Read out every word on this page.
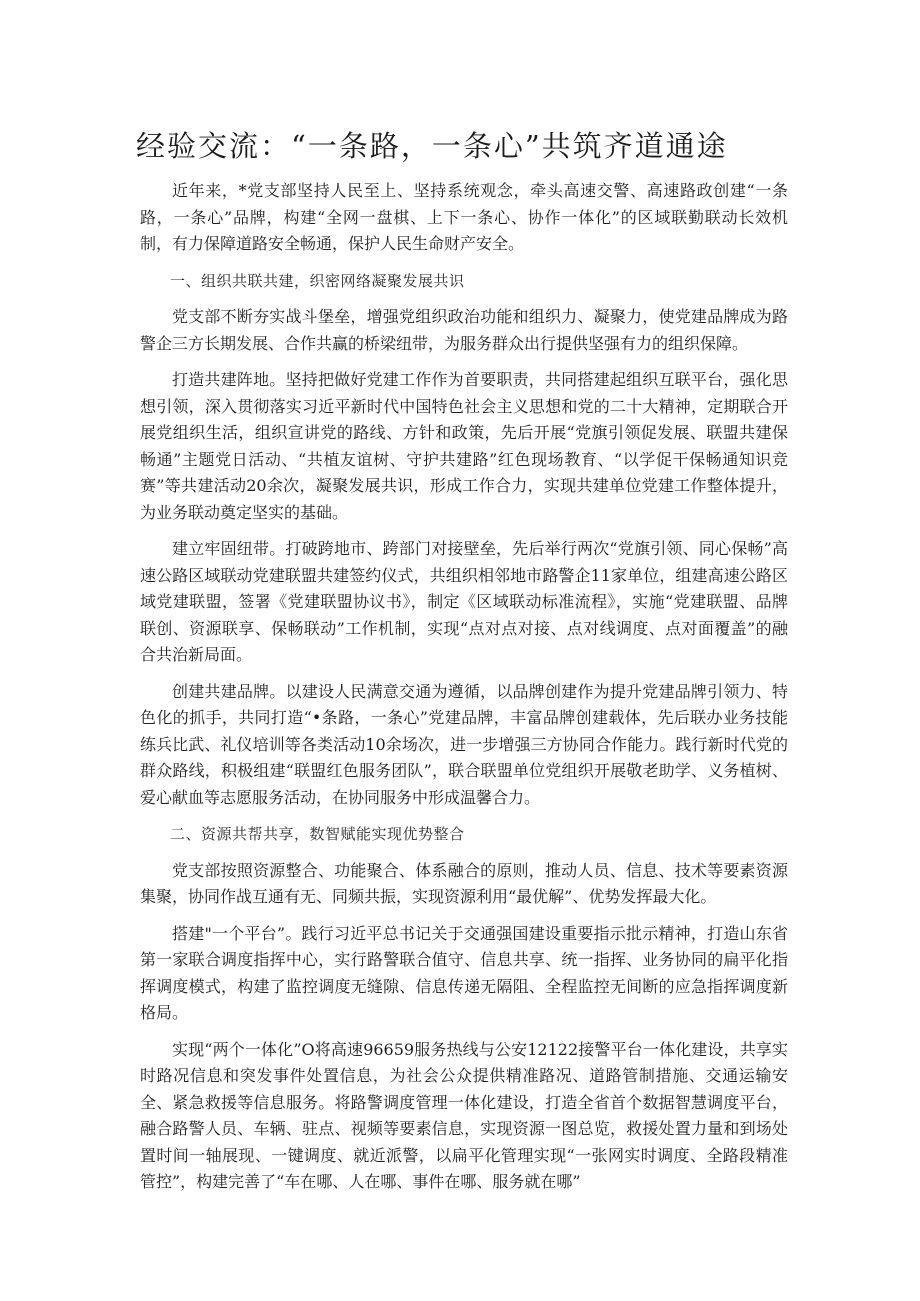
经验交流：“一条路，一条心”共筑齐道通途

近年来，*党支部坚持人民至上、坚持系统观念，牵头高速交警、高速路政创建“一条路，一条心”品牌，构建“全网一盘棋、上下一条心、协作一体化”的区域联勤联动长效机制，有力保障道路安全畅通，保护人民生命财产安全。

一、组织共联共建，织密网络凝聚发展共识

党支部不断夯实战斗堡垒，增强党组织政治功能和组织力、凝聚力，使党建品牌成为路警企三方长期发展、合作共赢的桥梁纽带，为服务群众出行提供坚强有力的组织保障。

打造共建阵地。坚持把做好党建工作作为首要职责，共同搭建起组织互联平台，强化思想引领，深入贯彻落实习近平新时代中国特色社会主义思想和党的二十大精神，定期联合开展党组织生活，组织宣讲党的路线、方针和政策，先后开展“党旗引领促发展、联盟共建保畅通”主题党日活动、“共植友谊树、守护共建路”红色现场教育、“以学促干保畅通知识竞赛”等共建活动20余次，凝聚发展共识，形成工作合力，实现共建单位党建工作整体提升，为业务联动奠定坚实的基础。

建立牢固纽带。打破跨地市、跨部门对接壁垒，先后举行两次“党旗引领、同心保畅”高速公路区域联动党建联盟共建签约仪式，共组织相邻地市路警企11家单位，组建高速公路区域党建联盟，签署《党建联盟协议书》，制定《区域联动标准流程》，实施“党建联盟、品牌联创、资源联享、保畅联动”工作机制，实现“点对点对接、点对线调度、点对面覆盖”的融合共治新局面。

创建共建品牌。以建设人民满意交通为遵循，以品牌创建作为提升党建品牌引领力、特色化的抓手，共同打造“•条路，一条心”党建品牌，丰富品牌创建载体，先后联办业务技能练兵比武、礼仪培训等各类活动10余场次，进一步增强三方协同合作能力。践行新时代党的群众路线，积极组建“联盟红色服务团队”，联合联盟单位党组织开展敬老助学、义务植树、爱心献血等志愿服务活动，在协同服务中形成温馨合力。

二、资源共帮共享，数智赋能实现优势整合

党支部按照资源整合、功能聚合、体系融合的原则，推动人员、信息、技术等要素资源集聚，协同作战互通有无、同频共振，实现资源利用“最优解”、优势发挥最大化。

搭建"一个平台”。践行习近平总书记关于交通强国建设重要指示批示精神，打造山东省第一家联合调度指挥中心，实行路警联合值守、信息共享、统一指挥、业务协同的扁平化指挥调度模式，构建了监控调度无缝隙、信息传递无隔阻、全程监控无间断的应急指挥调度新格局。

实现“两个一体化”O将高速96659服务热线与公安12122接警平台一体化建设，共享实时路况信息和突发事件处置信息，为社会公众提供精准路况、道路管制措施、交通运输安全、紧急救援等信息服务。将路警调度管理一体化建设，打造全省首个数据智慧调度平台，融合路警人员、车辆、驻点、视频等要素信息，实现资源一图总览，救援处置力量和到场处置时间一轴展现、一键调度、就近派警，以扁平化管理实现“一张网实时调度、全路段精准管控”，构建完善了“车在哪、人在哪、事件在哪、服务就在哪”
